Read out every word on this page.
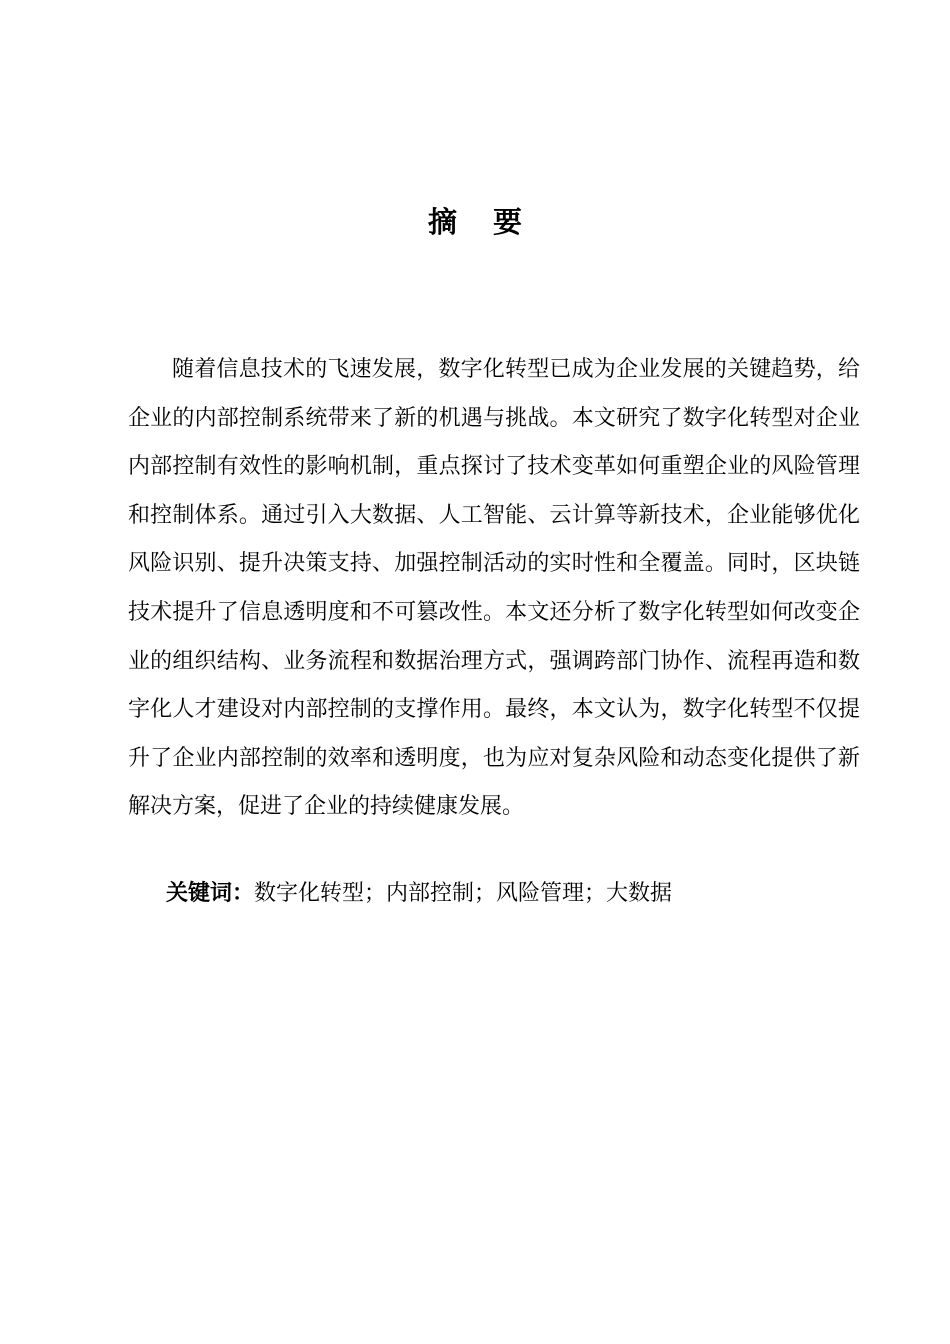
摘 要

随着信息技术的飞速发展，数字化转型已成为企业发展的关键趋势，给企业的内部控制系统带来了新的机遇与挑战。本文研究了数字化转型对企业内部控制有效性的影响机制，重点探讨了技术变革如何重塑企业的风险管理和控制体系。通过引入大数据、人工智能、云计算等新技术，企业能够优化风险识别、提升决策支持、加强控制活动的实时性和全覆盖。同时，区块链技术提升了信息透明度和不可篡改性。本文还分析了数字化转型如何改变企业的组织结构、业务流程和数据治理方式，强调跨部门协作、流程再造和数字化人才建设对内部控制的支撑作用。最终，本文认为，数字化转型不仅提升了企业内部控制的效率和透明度，也为应对复杂风险和动态变化提供了新解决方案，促进了企业的持续健康发展。

关键词：数字化转型；内部控制；风险管理；大数据
